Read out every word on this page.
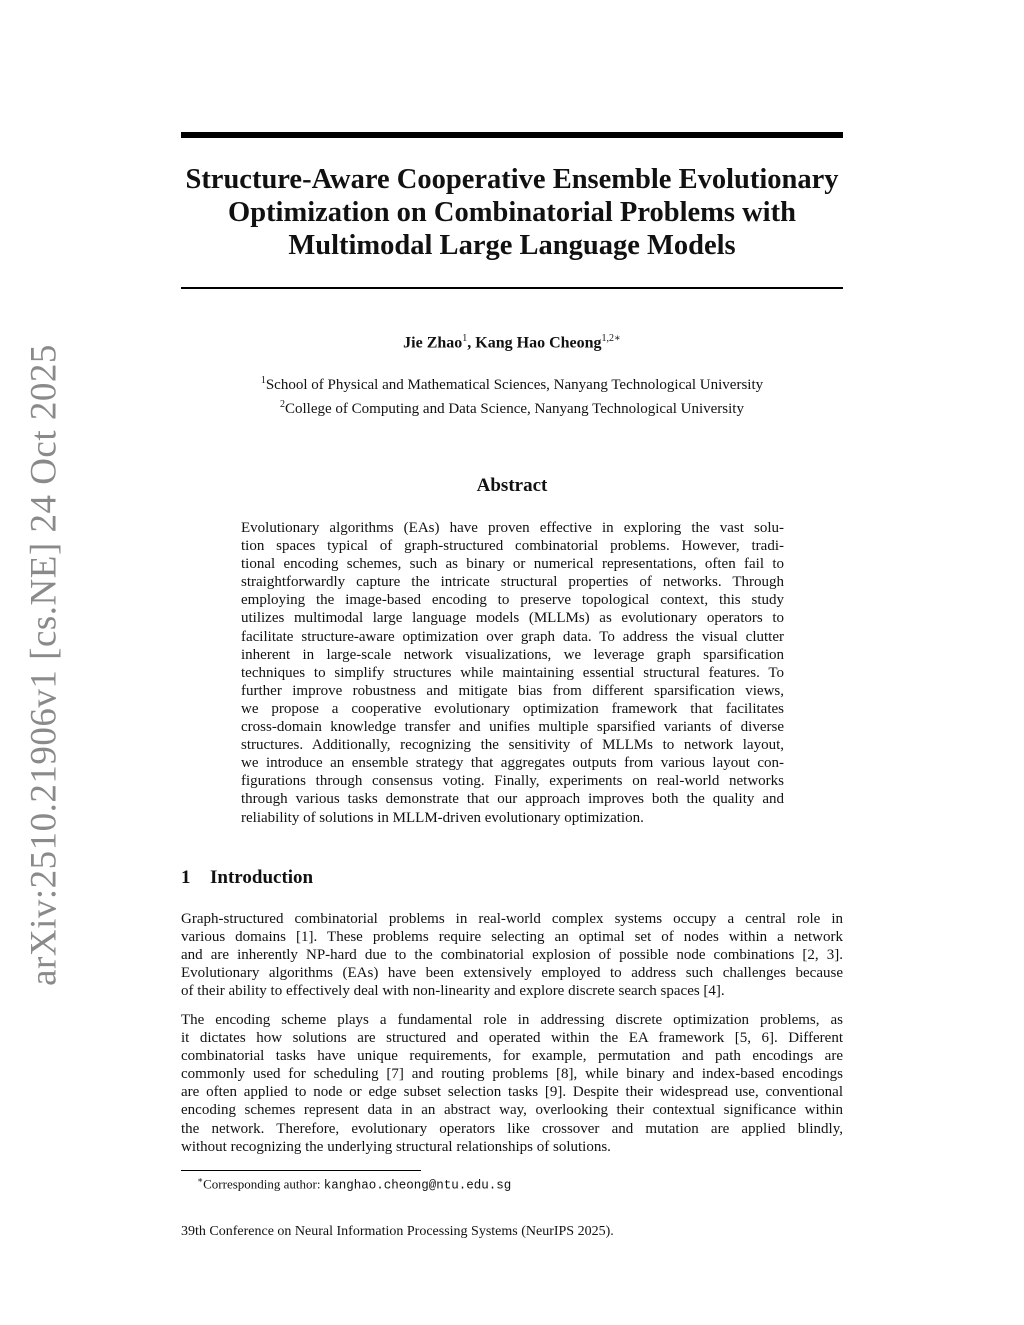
arXiv:2510.21906v1 [cs.NE] 24 Oct 2025
Structure-Aware Cooperative Ensemble Evolutionary
Optimization on Combinatorial Problems with
Multimodal Large Language Models
Jie Zhao$^1$, Kang Hao Cheong$^{1,2∗}$
$^1$School of Physical and Mathematical Sciences, Nanyang Technological University
$^2$College of Computing and Data Science, Nanyang Technological University
Abstract
Evolutionary algorithms (EAs) have proven effective in exploring the vast solu-
tion spaces typical of graph-structured combinatorial problems. However, tradi-
tional encoding schemes, such as binary or numerical representations, often fail to
straightforwardly capture the intricate structural properties of networks. Through
employing the image-based encoding to preserve topological context, this study
utilizes multimodal large language models (MLLMs) as evolutionary operators to
facilitate structure-aware optimization over graph data. To address the visual clutter
inherent in large-scale network visualizations, we leverage graph sparsification
techniques to simplify structures while maintaining essential structural features. To
further improve robustness and mitigate bias from different sparsification views,
we propose a cooperative evolutionary optimization framework that facilitates
cross-domain knowledge transfer and unifies multiple sparsified variants of diverse
structures. Additionally, recognizing the sensitivity of MLLMs to network layout,
we introduce an ensemble strategy that aggregates outputs from various layout con-
figurations through consensus voting. Finally, experiments on real-world networks
through various tasks demonstrate that our approach improves both the quality and
reliability of solutions in MLLM-driven evolutionary optimization.
1 Introduction
Graph-structured combinatorial problems in real-world complex systems occupy a central role in
various domains [1]. These problems require selecting an optimal set of nodes within a network
and are inherently NP-hard due to the combinatorial explosion of possible node combinations [2, 3].
Evolutionary algorithms (EAs) have been extensively employed to address such challenges because
of their ability to effectively deal with non-linearity and explore discrete search spaces [4].
The encoding scheme plays a fundamental role in addressing discrete optimization problems, as
it dictates how solutions are structured and operated within the EA framework [5, 6]. Different
combinatorial tasks have unique requirements, for example, permutation and path encodings are
commonly used for scheduling [7] and routing problems [8], while binary and index-based encodings
are often applied to node or edge subset selection tasks [9]. Despite their widespread use, conventional
encoding schemes represent data in an abstract way, overlooking their contextual significance within
the network. Therefore, evolutionary operators like crossover and mutation are applied blindly,
without recognizing the underlying structural relationships of solutions.
∗Corresponding author: kanghao.cheong@ntu.edu.sg
39th Conference on Neural Information Processing Systems (NeurIPS 2025).
